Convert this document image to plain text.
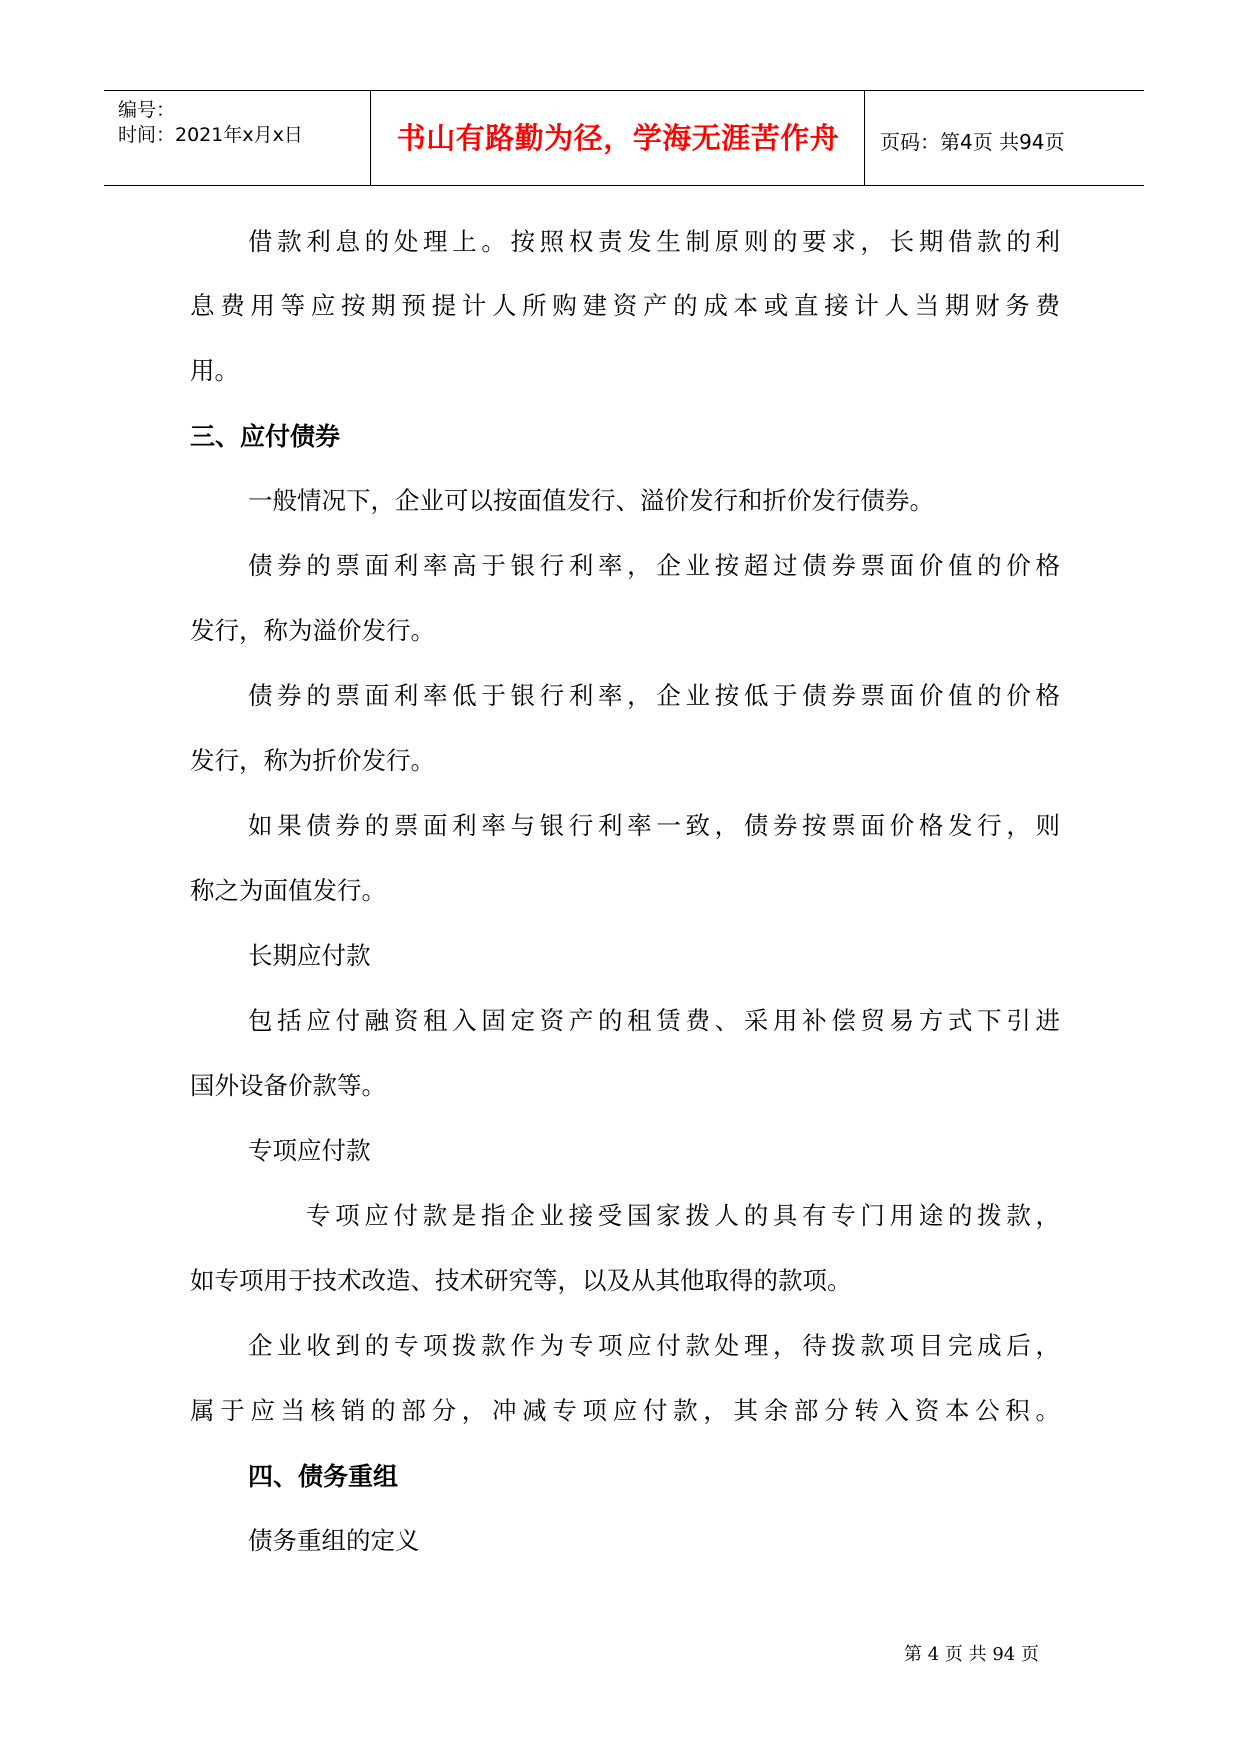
编号：
时间：2021年x月x日	书山有路勤为径，学海无涯苦作舟	页码：第4页 共94页
借款利息的处理上。按照权责发生制原则的要求，长期借款的利
息费用等应按期预提计人所购建资产的成本或直接计人当期财务费
用。
三、应付债券
一般情况下，企业可以按面值发行、溢价发行和折价发行债券。
债券的票面利率高于银行利率，企业按超过债券票面价值的价格
发行，称为溢价发行。
债券的票面利率低于银行利率，企业按低于债券票面价值的价格
发行，称为折价发行。
如果债券的票面利率与银行利率一致，债券按票面价格发行，则
称之为面值发行。
长期应付款
包括应付融资租入固定资产的租赁费、采用补偿贸易方式下引进
国外设备价款等。
专项应付款
专项应付款是指企业接受国家拨人的具有专门用途的拨款，
如专项用于技术改造、技术研究等，以及从其他取得的款项。
企业收到的专项拨款作为专项应付款处理，待拨款项目完成后，
属于应当核销的部分，冲减专项应付款，其余部分转入资本公积。
四、债务重组
债务重组的定义
第 4 页 共 94 页
